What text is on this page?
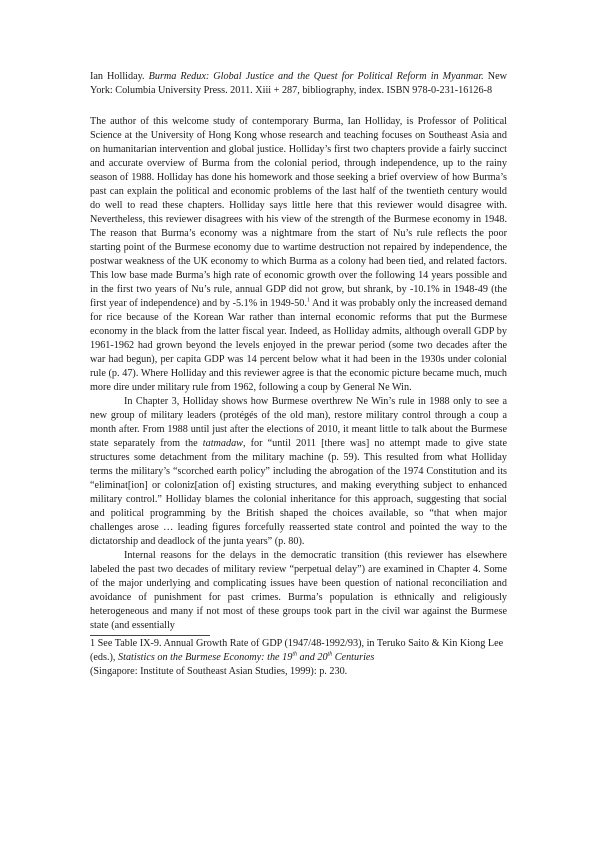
Ian Holliday. Burma Redux: Global Justice and the Quest for Political Reform in Myanmar. New York: Columbia University Press. 2011. Xiii + 287, bibliography, index. ISBN 978-0-231-16126-8

The author of this welcome study of contemporary Burma, Ian Holliday, is Professor of Political Science at the University of Hong Kong whose research and teaching focuses on Southeast Asia and on humanitarian intervention and global justice. Holliday’s first two chapters provide a fairly succinct and accurate overview of Burma from the colonial period, through independence, up to the rainy season of 1988. Holliday has done his homework and those seeking a brief overview of how Burma’s past can explain the political and economic problems of the last half of the twentieth century would do well to read these chapters. Holliday says little here that this reviewer would disagree with. Nevertheless, this reviewer disagrees with his view of the strength of the Burmese economy in 1948. The reason that Burma’s economy was a nightmare from the start of Nu’s rule reflects the poor starting point of the Burmese economy due to wartime destruction not repaired by independence, the postwar weakness of the UK economy to which Burma as a colony had been tied, and related factors. This low base made Burma’s high rate of economic growth over the following 14 years possible and in the first two years of Nu’s rule, annual GDP did not grow, but shrank, by -10.1% in 1948-49 (the first year of independence) and by -5.1% in 1949-50.$^1$ And it was probably only the increased demand for rice because of the Korean War rather than internal economic reforms that put the Burmese economy in the black from the latter fiscal year. Indeed, as Holliday admits, although overall GDP by 1961-1962 had grown beyond the levels enjoyed in the prewar period (some two decades after the war had begun), per capita GDP was 14 percent below what it had been in the 1930s under colonial rule (p. 47). Where Holliday and this reviewer agree is that the economic picture became much, much more dire under military rule from 1962, following a coup by General Ne Win.

In Chapter 3, Holliday shows how Burmese overthrew Ne Win’s rule in 1988 only to see a new group of military leaders (protégés of the old man), restore military control through a coup a month after. From 1988 until just after the elections of 2010, it meant little to talk about the Burmese state separately from the tatmadaw, for “until 2011 [there was] no attempt made to give state structures some detachment from the military machine (p. 59). This resulted from what Holliday terms the military’s “scorched earth policy” including the abrogation of the 1974 Constitution and its “eliminat[ion] or coloniz[ation of] existing structures, and making everything subject to enhanced military control.” Holliday blames the colonial inheritance for this approach, suggesting that social and political programming by the British shaped the choices available, so “that when major challenges arose … leading figures forcefully reasserted state control and pointed the way to the dictatorship and deadlock of the junta years” (p. 80).

Internal reasons for the delays in the democratic transition (this reviewer has elsewhere labeled the past two decades of military review “perpetual delay”) are examined in Chapter 4. Some of the major underlying and complicating issues have been question of national reconciliation and avoidance of punishment for past crimes. Burma’s population is ethnically and religiously heterogeneous and many if not most of these groups took part in the civil war against the Burmese state (and essentially

1 See Table IX-9. Annual Growth Rate of GDP (1947/48-1992/93), in Teruko Saito & Kin Kiong Lee (eds.), Statistics on the Burmese Economy: the 19th and 20th Centuries
(Singapore: Institute of Southeast Asian Studies, 1999): p. 230.
